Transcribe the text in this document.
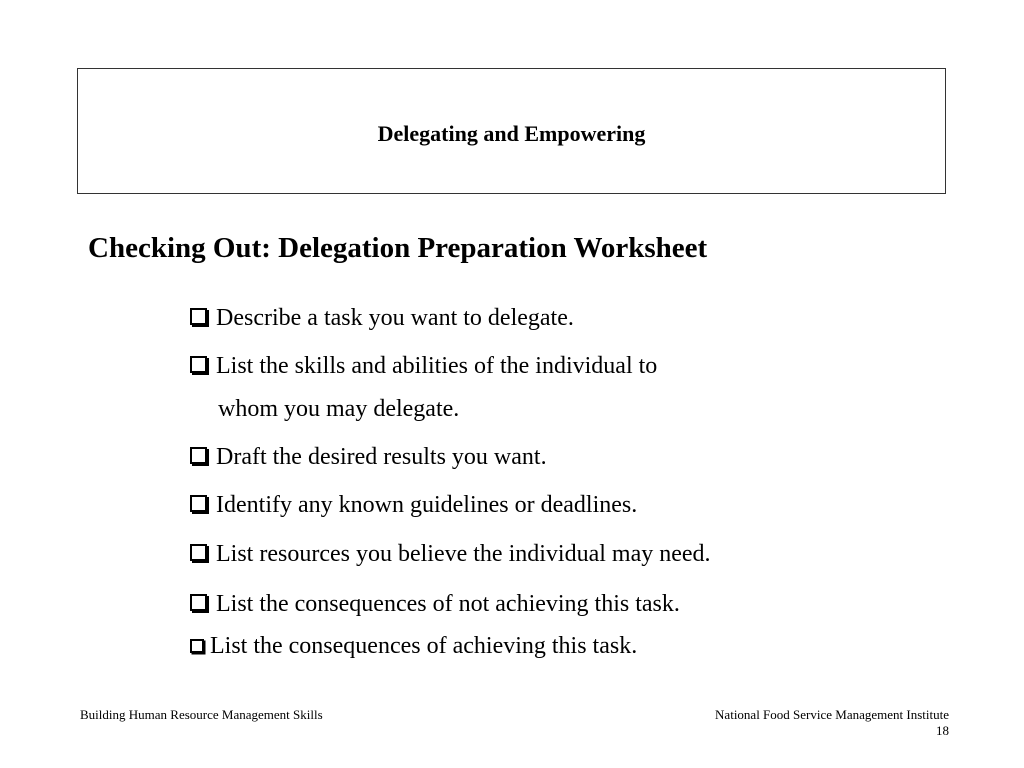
Delegating and Empowering
Checking Out: Delegation Preparation Worksheet
Describe a task you want to delegate.
List the skills and abilities of the individual to
whom you may delegate.
Draft the desired results you want.
Identify any known guidelines or deadlines.
List resources you believe the individual may need.
List the consequences of not achieving this task.
List the consequences of achieving this task.
Building Human Resource Management Skills	National Food Service Management Institute
18
